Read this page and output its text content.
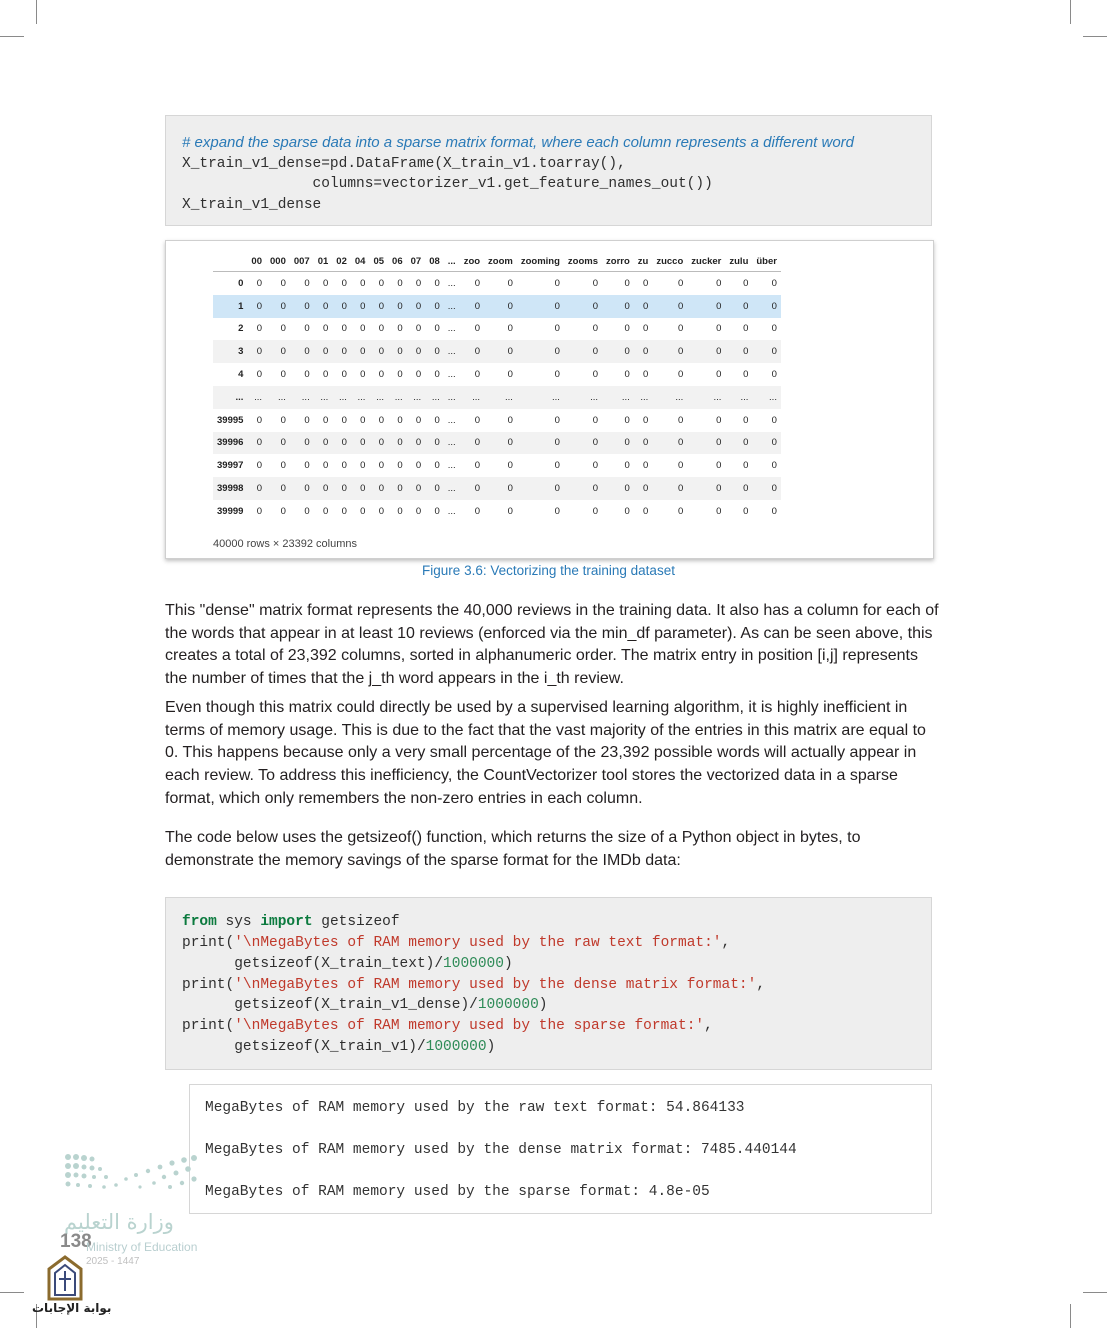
# expand the sparse data into a sparse matrix format, where each column represents a different word
X_train_v1_dense=pd.DataFrame(X_train_v1.toarray(),
columns=vectorizer_v1.get_feature_names_out())
X_train_v1_dense
	00	000	007	01	02	04	05	06	07	08	...	zoo	zoom	zooming	zooms	zorro	zu	zucco	zucker	zulu	über
0	0	0	0	0	0	0	0	0	0	0	...	0	0	0	0	0	0	0	0	0	0
1	0	0	0	0	0	0	0	0	0	0	...	0	0	0	0	0	0	0	0	0	0
2	0	0	0	0	0	0	0	0	0	0	...	0	0	0	0	0	0	0	0	0	0
3	0	0	0	0	0	0	0	0	0	0	...	0	0	0	0	0	0	0	0	0	0
4	0	0	0	0	0	0	0	0	0	0	...	0	0	0	0	0	0	0	0	0	0
...	...	...	...	...	...	...	...	...	...	...	...	...	...	...	...	...	...	...	...	...	...
39995	0	0	0	0	0	0	0	0	0	0	...	0	0	0	0	0	0	0	0	0	0
39996	0	0	0	0	0	0	0	0	0	0	...	0	0	0	0	0	0	0	0	0	0
39997	0	0	0	0	0	0	0	0	0	0	...	0	0	0	0	0	0	0	0	0	0
39998	0	0	0	0	0	0	0	0	0	0	...	0	0	0	0	0	0	0	0	0	0
39999	0	0	0	0	0	0	0	0	0	0	...	0	0	0	0	0	0	0	0	0	0
40000 rows × 23392 columns
Figure 3.6: Vectorizing the training dataset
This "dense" matrix format represents the 40,000 reviews in the training data. It also has a column for each of the words that appear in at least 10 reviews (enforced via the min_df parameter). As can be seen above, this creates a total of 23,392 columns, sorted in alphanumeric order. The matrix entry in position [i,j] represents the number of times that the j_th word appears in the i_th review.
Even though this matrix could directly be used by a supervised learning algorithm, it is highly inefficient in terms of memory usage. This is due to the fact that the vast majority of the entries in this matrix are equal to 0. This happens because only a very small percentage of the 23,392 possible words will actually appear in each review. To address this inefficiency, the CountVectorizer tool stores the vectorized data in a sparse format, which only remembers the non-zero entries in each column.
The code below uses the getsizeof() function, which returns the size of a Python object in bytes, to demonstrate the memory savings of the sparse format for the IMDb data:
from sys import getsizeof
print('\nMegaBytes of RAM memory used by the raw text format:',
getsizeof(X_train_text)/1000000)
print('\nMegaBytes of RAM memory used by the dense matrix format:',
getsizeof(X_train_v1_dense)/1000000)
print('\nMegaBytes of RAM memory used by the sparse format:',
getsizeof(X_train_v1)/1000000)
MegaBytes of RAM memory used by the raw text format: 54.864133
MegaBytes of RAM memory used by the dense matrix format: 7485.440144
MegaBytes of RAM memory used by the sparse format: 4.8e-05
وزارة التعليم
138
Ministry of Education
2025 - 1447
بوابة الإجابات
